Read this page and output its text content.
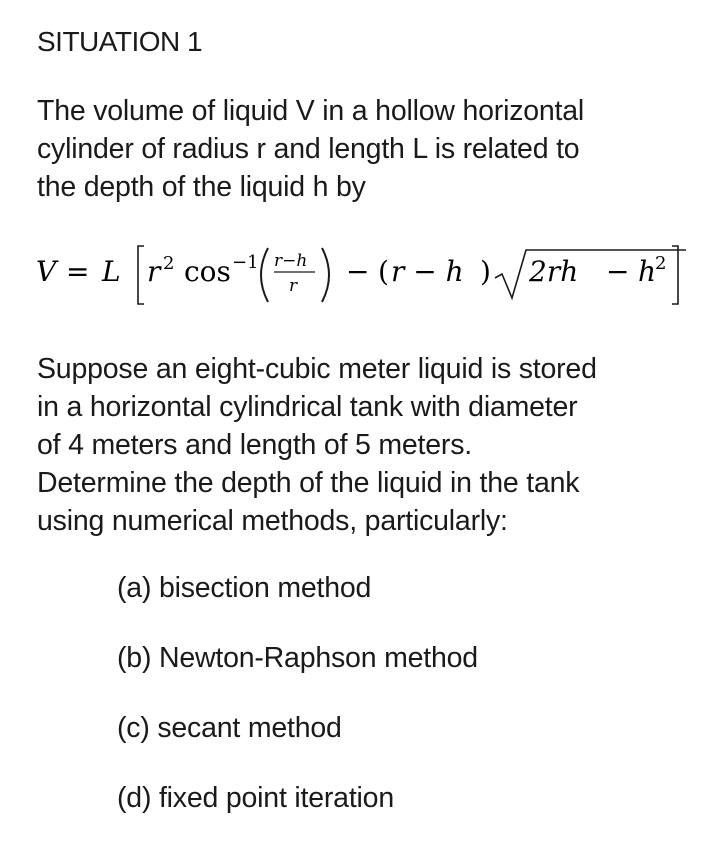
SITUATION 1
The volume of liquid V in a hollow horizontal
cylinder of radius r and length L is related to
the depth of the liquid h by
V = L r 2 cos −1 r−h
r − ( r − h ) 2rh − h
2
Suppose an eight-cubic meter liquid is stored
in a horizontal cylindrical tank with diameter
of 4 meters and length of 5 meters.
Determine the depth of the liquid in the tank
using numerical methods, particularly:
(a) bisection method
(b) Newton-Raphson method
(c) secant method
(d) fixed point iteration
